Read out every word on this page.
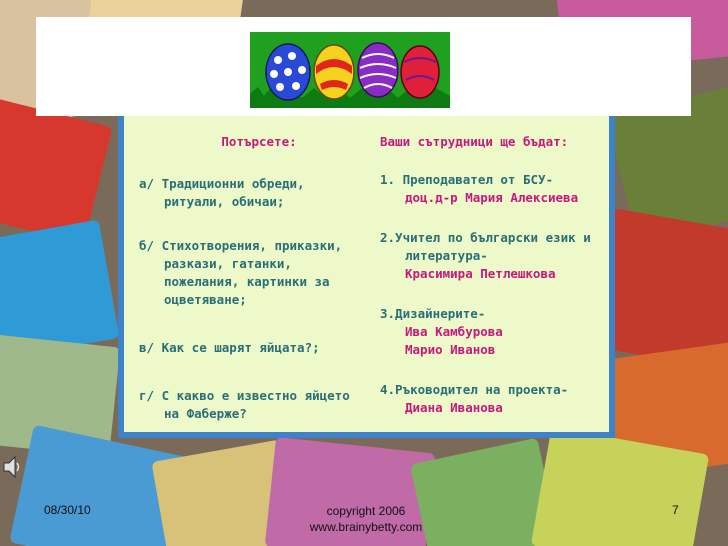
Потърсете:
а/ Традиционни обреди,
ритуали, обичаи;
б/ Стихотворения, приказки,
разкази, гатанки,
пожелания, картинки за
оцветяване;
в/ Как се шарят яйцата?;
г/ С какво е известно яйцето
на Фаберже?
Ваши сътрудници ще бъдат:
1. Преподавател от БСУ-
доц.д-р Мария Алексиева
2.Учител по български език и
литература-
Красимира Петлешкова
3.Дизайнерите-
Ива Камбурова
Марио Иванов
4.Ръководител на проекта-
Диана Иванова
08/30/10	copyright 2006
www.brainybetty.com
7
